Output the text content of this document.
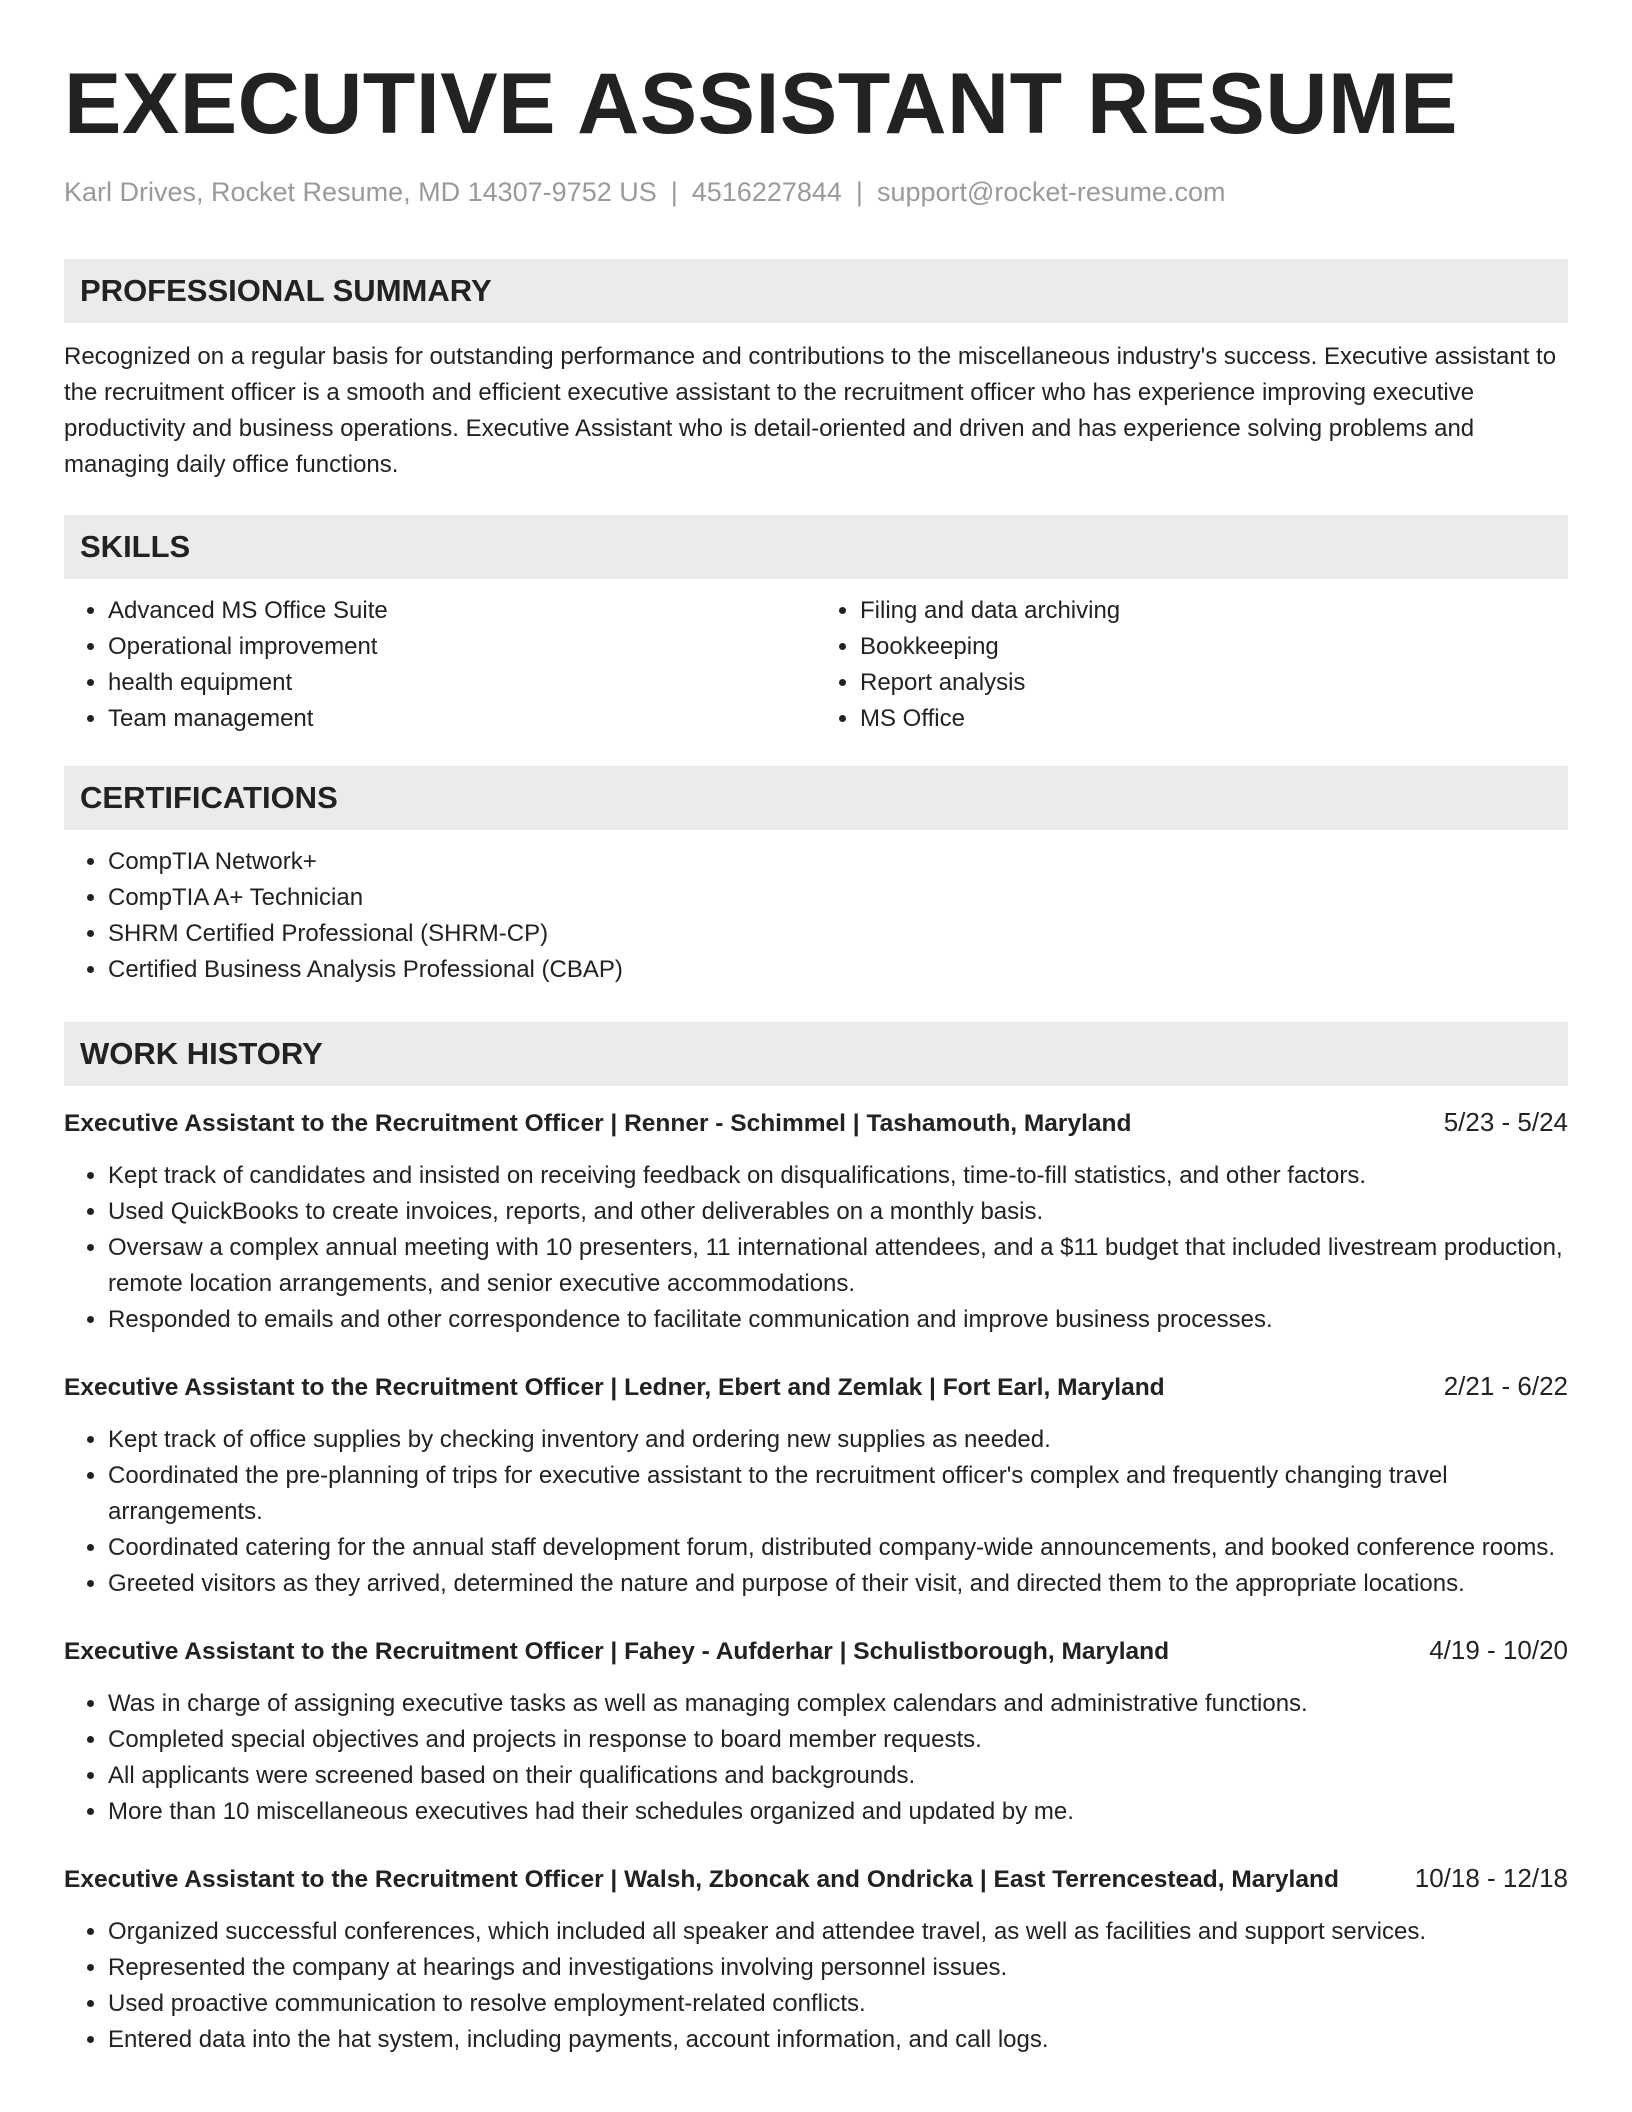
EXECUTIVE ASSISTANT RESUME
Karl Drives, Rocket Resume, MD 14307-9752 US | 4516227844 | support@rocket-resume.com
PROFESSIONAL SUMMARY

Recognized on a regular basis for outstanding performance and contributions to the miscellaneous industry's success. Executive assistant to the recruitment officer is a smooth and efficient executive assistant to the recruitment officer who has experience improving executive productivity and business operations. Executive Assistant who is detail-oriented and driven and has experience solving problems and managing daily office functions.

SKILLS
• Advanced MS Office Suite
• Operational improvement
• health equipment
• Team management
• Filing and data archiving
• Bookkeeping
• Report analysis
• MS Office
CERTIFICATIONS
• CompTIA Network+
• CompTIA A+ Technician
• SHRM Certified Professional (SHRM-CP)
• Certified Business Analysis Professional (CBAP)
WORK HISTORY
Executive Assistant to the Recruitment Officer | Renner - Schimmel | Tashamouth, Maryland	5/23 - 5/24
• Kept track of candidates and insisted on receiving feedback on disqualifications, time-to-fill statistics, and other factors.
• Used QuickBooks to create invoices, reports, and other deliverables on a monthly basis.
• Oversaw a complex annual meeting with 10 presenters, 11 international attendees, and a $11 budget that included livestream production, remote location arrangements, and senior executive accommodations.
• Responded to emails and other correspondence to facilitate communication and improve business processes.
Executive Assistant to the Recruitment Officer | Ledner, Ebert and Zemlak | Fort Earl, Maryland	2/21 - 6/22
• Kept track of office supplies by checking inventory and ordering new supplies as needed.
• Coordinated the pre-planning of trips for executive assistant to the recruitment officer's complex and frequently changing travel arrangements.
• Coordinated catering for the annual staff development forum, distributed company-wide announcements, and booked conference rooms.
• Greeted visitors as they arrived, determined the nature and purpose of their visit, and directed them to the appropriate locations.
Executive Assistant to the Recruitment Officer | Fahey - Aufderhar | Schulistborough, Maryland	4/19 - 10/20
• Was in charge of assigning executive tasks as well as managing complex calendars and administrative functions.
• Completed special objectives and projects in response to board member requests.
• All applicants were screened based on their qualifications and backgrounds.
• More than 10 miscellaneous executives had their schedules organized and updated by me.
Executive Assistant to the Recruitment Officer | Walsh, Zboncak and Ondricka | East Terrencestead, Maryland	10/18 - 12/18
• Organized successful conferences, which included all speaker and attendee travel, as well as facilities and support services.
• Represented the company at hearings and investigations involving personnel issues.
• Used proactive communication to resolve employment-related conflicts.
• Entered data into the hat system, including payments, account information, and call logs.
